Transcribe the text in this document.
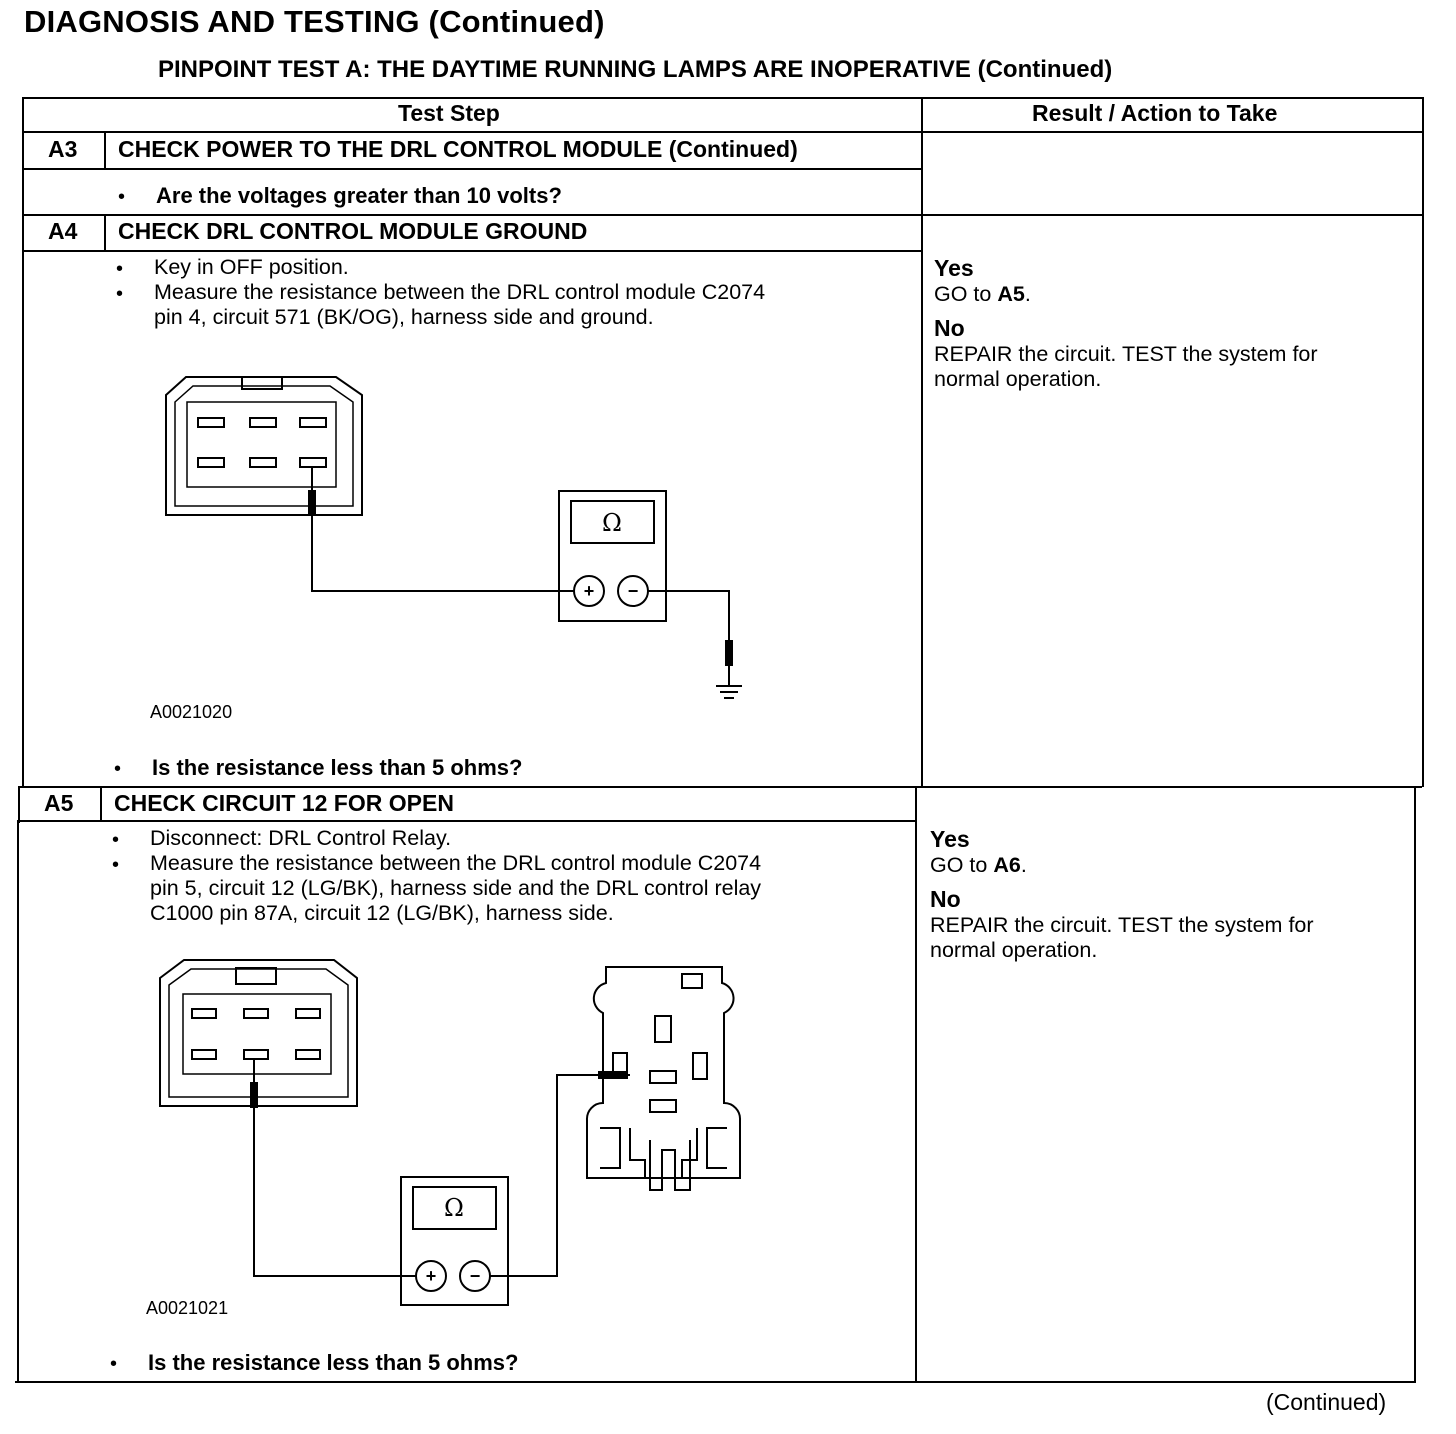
DIAGNOSIS AND TESTING (Continued)
PINPOINT TEST A: THE DAYTIME RUNNING LAMPS ARE INOPERATIVE (Continued)
Test Step	Result / Action to Take
A3 CHECK POWER TO THE DRL CONTROL MODULE (Continued)
• Are the voltages greater than 10 volts?
A4 CHECK DRL CONTROL MODULE GROUND
• Key in OFF position.
• Measure the resistance between the DRL control module C2074
pin 4, circuit 571 (BK/OG), harness side and ground.
A0021020
• Is the resistance less than 5 ohms?
Yes
GO to A5.
No
REPAIR the circuit. TEST the system for
normal operation.
A5 CHECK CIRCUIT 12 FOR OPEN
• Disconnect: DRL Control Relay.
• Measure the resistance between the DRL control module C2074
pin 5, circuit 12 (LG/BK), harness side and the DRL control relay
C1000 pin 87A, circuit 12 (LG/BK), harness side.
A0021021
• Is the resistance less than 5 ohms?
Yes
GO to A6.
No
REPAIR the circuit. TEST the system for
normal operation.
(Continued)
Ω
Ω
+ −
+ −
